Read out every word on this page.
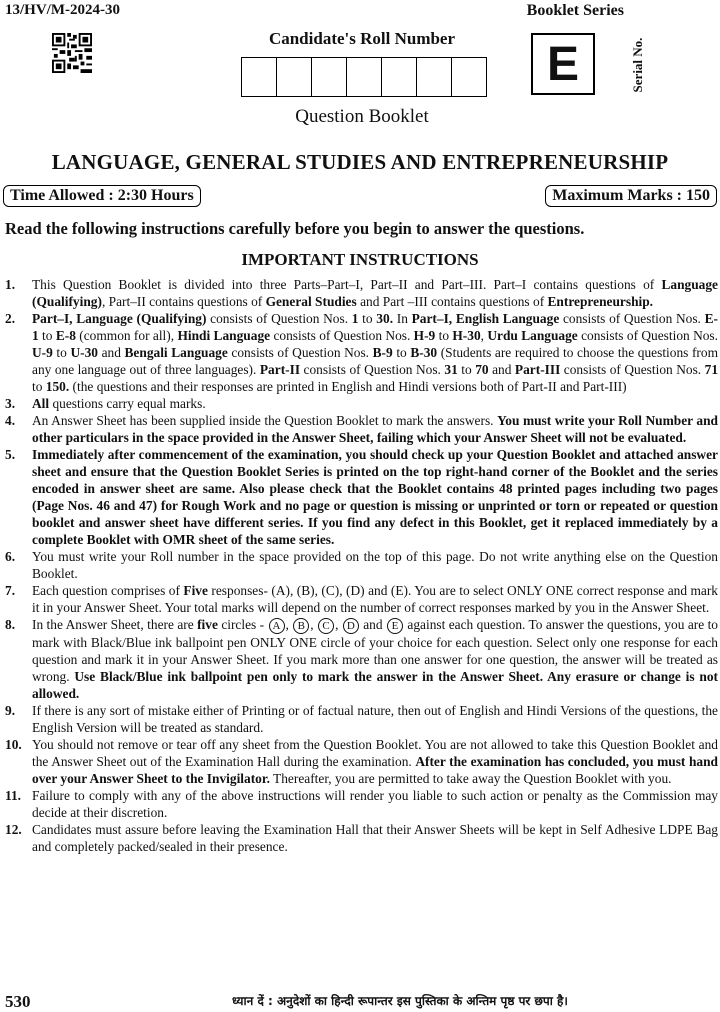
13/HV/M-2024-30	Booklet Series
Candidate's Roll Number
Question Booklet
E	Serial No.
LANGUAGE, GENERAL STUDIES AND ENTREPRENEURSHIP
Time Allowed : 2:30 Hours	Maximum Marks : 150
Read the following instructions carefully before you begin to answer the questions.
IMPORTANT INSTRUCTIONS
1.	This Question Booklet is divided into three Parts–Part–I, Part–II and Part–III. Part–I contains questions of Language (Qualifying), Part–II contains questions of General Studies and Part –III contains questions of Entrepreneurship.
2.	Part–I, Language (Qualifying) consists of Question Nos. 1 to 30. In Part–I, English Language consists of Question Nos. E-1 to E-8 (common for all), Hindi Language consists of Question Nos. H-9 to H-30, Urdu Language consists of Question Nos. U-9 to U-30 and Bengali Language consists of Question Nos. B-9 to B-30 (Students are required to choose the questions from any one language out of three languages). Part-II consists of Question Nos. 31 to 70 and Part-III consists of Question Nos. 71 to 150. (the questions and their responses are printed in English and Hindi versions both of Part-II and Part-III)
3.	All questions carry equal marks.
4.	An Answer Sheet has been supplied inside the Question Booklet to mark the answers. You must write your Roll Number and other particulars in the space provided in the Answer Sheet, failing which your Answer Sheet will not be evaluated.
5.	Immediately after commencement of the examination, you should check up your Question Booklet and attached answer sheet and ensure that the Question Booklet Series is printed on the top right-hand corner of the Booklet and the series encoded in answer sheet are same. Also please check that the Booklet contains 48 printed pages including two pages (Page Nos. 46 and 47) for Rough Work and no page or question is missing or unprinted or torn or repeated or question booklet and answer sheet have different series. If you find any defect in this Booklet, get it replaced immediately by a complete Booklet with OMR sheet of the same series.
6.	You must write your Roll number in the space provided on the top of this page. Do not write anything else on the Question Booklet.
7.	Each question comprises of Five responses- (A), (B), (C), (D) and (E). You are to select ONLY ONE correct response and mark it in your Answer Sheet. Your total marks will depend on the number of correct responses marked by you in the Answer Sheet.
8.	In the Answer Sheet, there are five circles - A , B , C , D and E against each question. To answer the questions, you are to mark with Black/Blue ink ballpoint pen ONLY ONE circle of your choice for each question. Select only one response for each question and mark it in your Answer Sheet. If you mark more than one answer for one question, the answer will be treated as wrong. Use Black/Blue ink ballpoint pen only to mark the answer in the Answer Sheet. Any erasure or change is not allowed.
9.	If there is any sort of mistake either of Printing or of factual nature, then out of English and Hindi Versions of the questions, the English Version will be treated as standard.
10. You should not remove or tear off any sheet from the Question Booklet. You are not allowed to take this Question Booklet and the Answer Sheet out of the Examination Hall during the examination. After the examination has concluded, you must hand over your Answer Sheet to the Invigilator. Thereafter, you are permitted to take away the Question Booklet with you.
11. Failure to comply with any of the above instructions will render you liable to such action or penalty as the Commission may decide at their discretion.
12. Candidates must assure before leaving the Examination Hall that their Answer Sheets will be kept in Self Adhesive LDPE Bag and completely packed/sealed in their presence.
530	ध्यान दें : अनुदेशों का हिन्दी रूपान्तर इस पुस्तिका के अन्तिम पृष्ठ पर छपा है।
